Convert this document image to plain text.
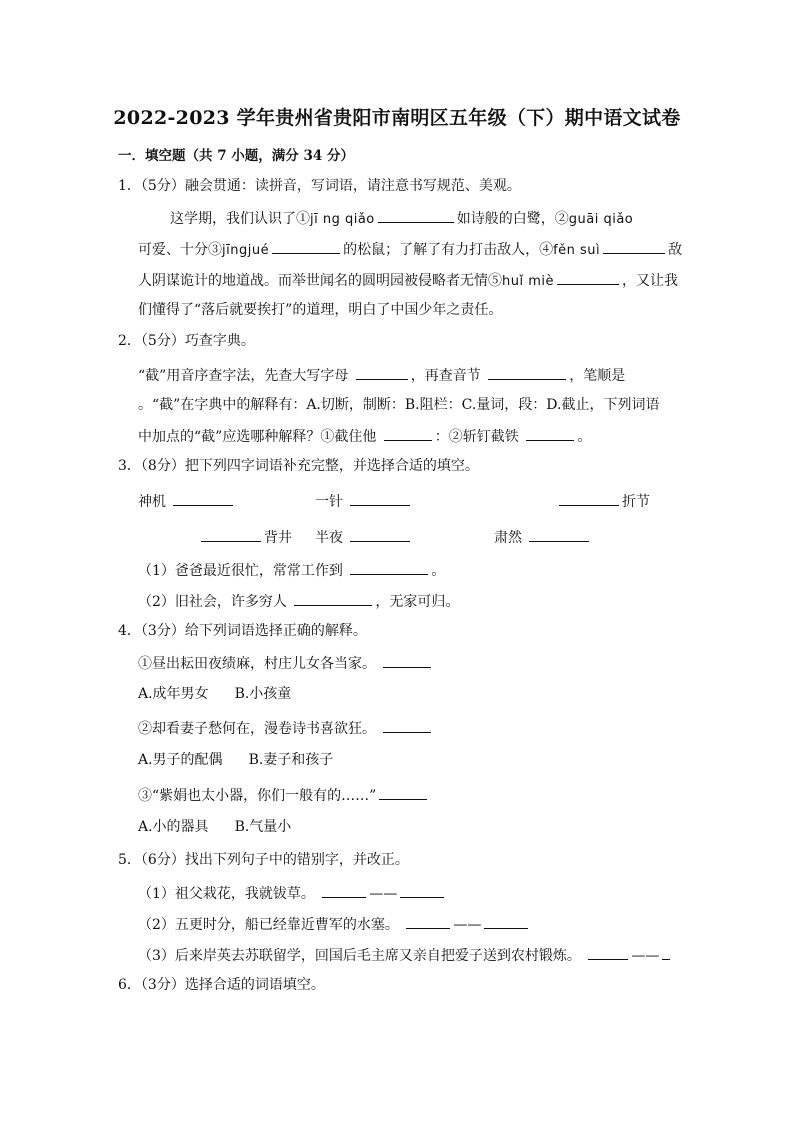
2022-2023 学年贵州省贵阳市南明区五年级（下）期中语文试卷
一．填空题（共 7 小题，满分 34 分）
1．（5分）融会贯通：读拼音，写词语，请注意书写规范、美观。
这学期，我们认识了①jī ng qiǎo	如诗般的白鹭，②guāi qiǎo
可爱、十分③jīngjué	的松鼠；了解了有力打击敌人，④fěn suì	敌
人阴谋诡计的地道战。而举世闻名的圆明园被侵略者无情⑤huǐ miè	，又让我
们懂得了“落后就要挨打”的道理，明白了中国少年之责任。
2．（5分）巧查字典。
“截”用音序查字法，先查大写字母	，再查音节	，笔顺是
。“截”在字典中的解释有：A.切断，制断：B.阻栏：C.量词，段：D.截止，下列词语
中加点的“截”应选哪种解释？①截住他	：②斩钉截铁	。
3．（8分）把下列四字词语补充完整，并选择合适的填空。
神机	一针	折节
背井 半夜	肃然
（1）爸爸最近很忙，常常工作到	。
（2）旧社会，许多穷人	，无家可归。
4．（3分）给下列词语选择正确的解释。
①昼出耘田夜绩麻，村庄儿女各当家。
A.成年男女 B.小孩童
②却看妻子愁何在，漫卷诗书喜欲狂。
A.男子的配偶 B.妻子和孩子
③“紫娟也太小器，你们一般有的……”
A.小的器具 B.气量小
5．（6分）找出下列句子中的错别字，并改正。
（1）祖父栽花，我就钹草。	——
（2）五更时分，船已经靠近曹军的水塞。	——
（3）后来岸英去苏联留学，回国后毛主席又亲自把爱子送到农村锻炼。	——
6．（3分）选择合适的词语填空。
